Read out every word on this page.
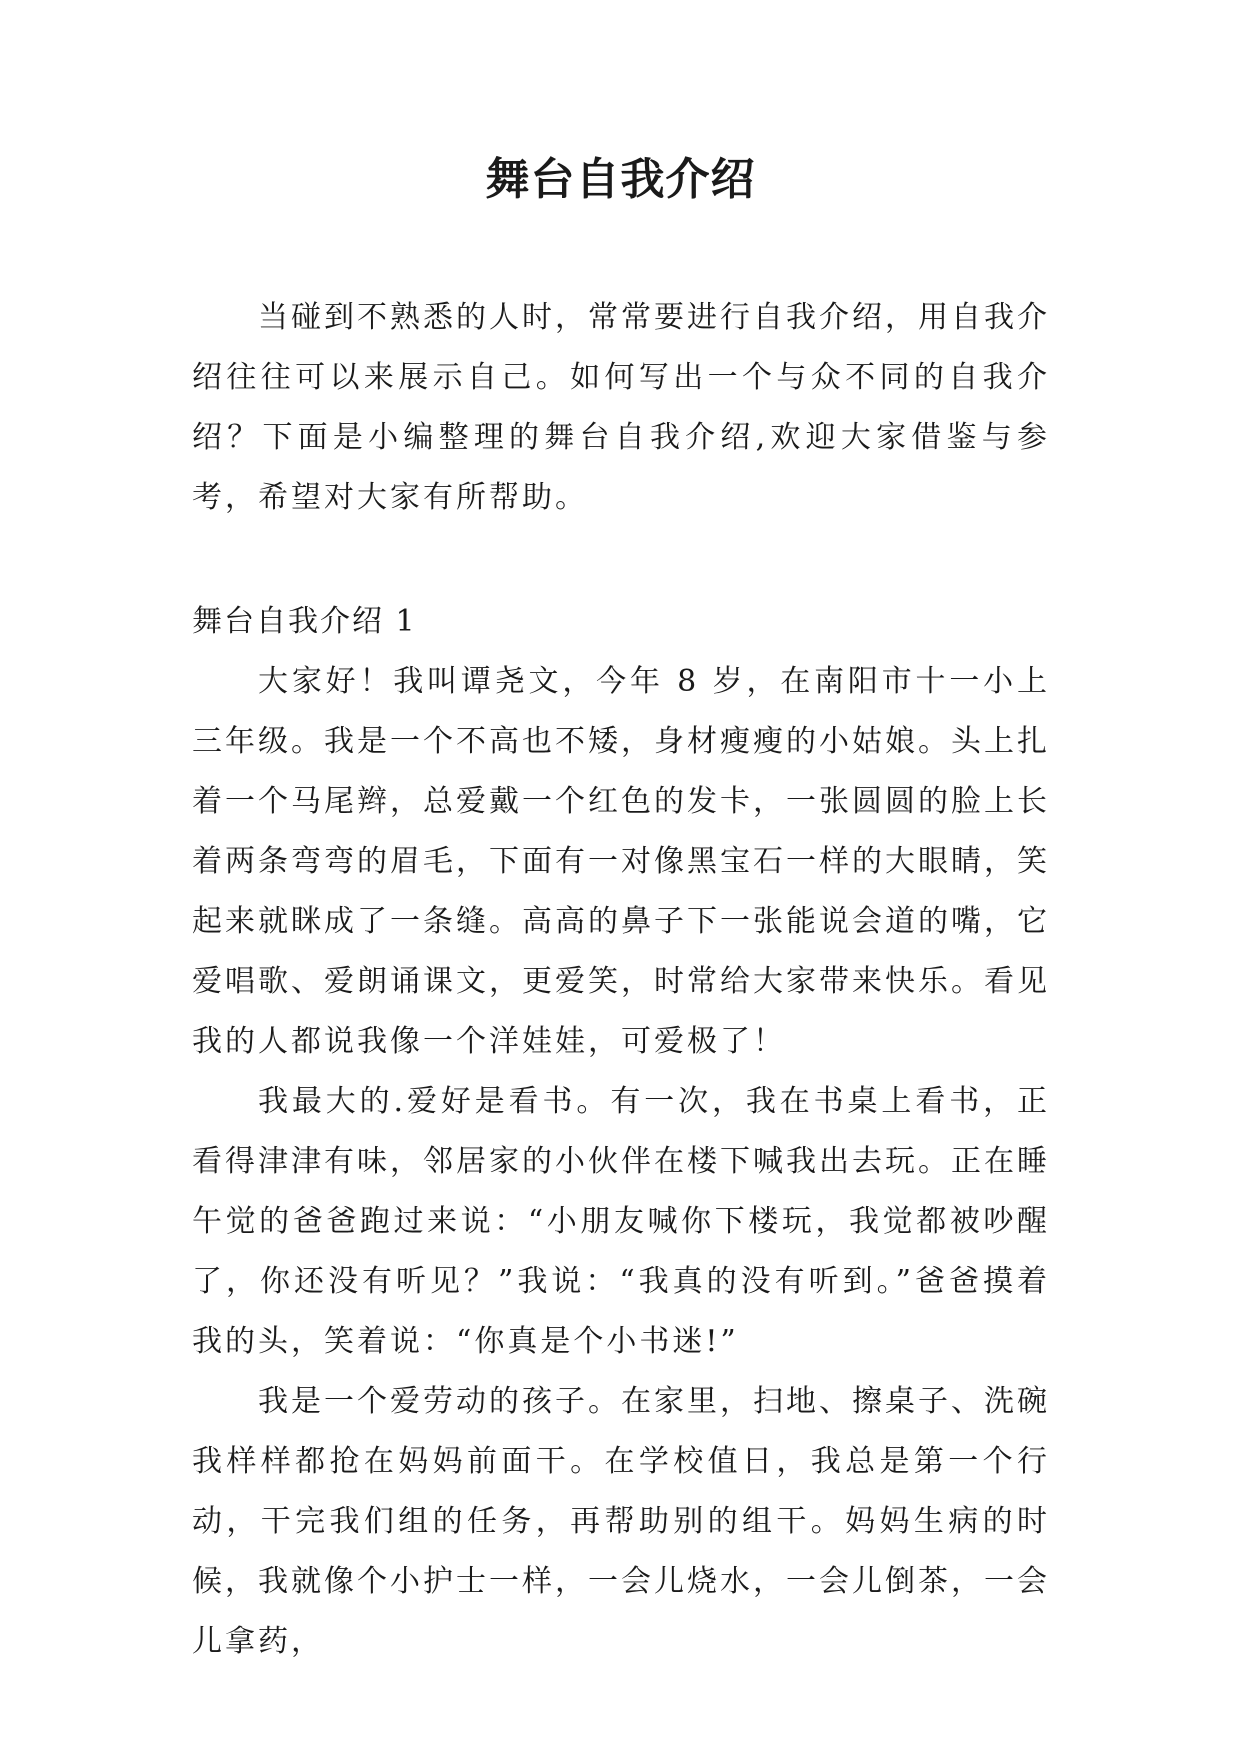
舞台自我介绍

当碰到不熟悉的人时，常常要进行自我介绍，用自我介绍往往可以来展示自己。如何写出一个与众不同的自我介绍？下面是小编整理的舞台自我介绍,欢迎大家借鉴与参考，希望对大家有所帮助。

舞台自我介绍 1

大家好！我叫谭尧文，今年 8 岁，在南阳市十一小上三年级。我是一个不高也不矮，身材瘦瘦的小姑娘。头上扎着一个马尾辫，总爱戴一个红色的发卡，一张圆圆的脸上长着两条弯弯的眉毛，下面有一对像黑宝石一样的大眼睛，笑起来就眯成了一条缝。高高的鼻子下一张能说会道的嘴，它爱唱歌、爱朗诵课文，更爱笑，时常给大家带来快乐。看见我的人都说我像一个洋娃娃，可爱极了！

我最大的.爱好是看书。有一次，我在书桌上看书，正看得津津有味，邻居家的小伙伴在楼下喊我出去玩。正在睡午觉的爸爸跑过来说：“小朋友喊你下楼玩，我觉都被吵醒了，你还没有听见？”我说：“我真的没有听到。”爸爸摸着我的头，笑着说：“你真是个小书迷!”

我是一个爱劳动的孩子。在家里，扫地、擦桌子、洗碗我样样都抢在妈妈前面干。在学校值日，我总是第一个行动，干完我们组的任务，再帮助别的组干。妈妈生病的时候，我就像个小护士一样，一会儿烧水，一会儿倒茶，一会儿拿药，
